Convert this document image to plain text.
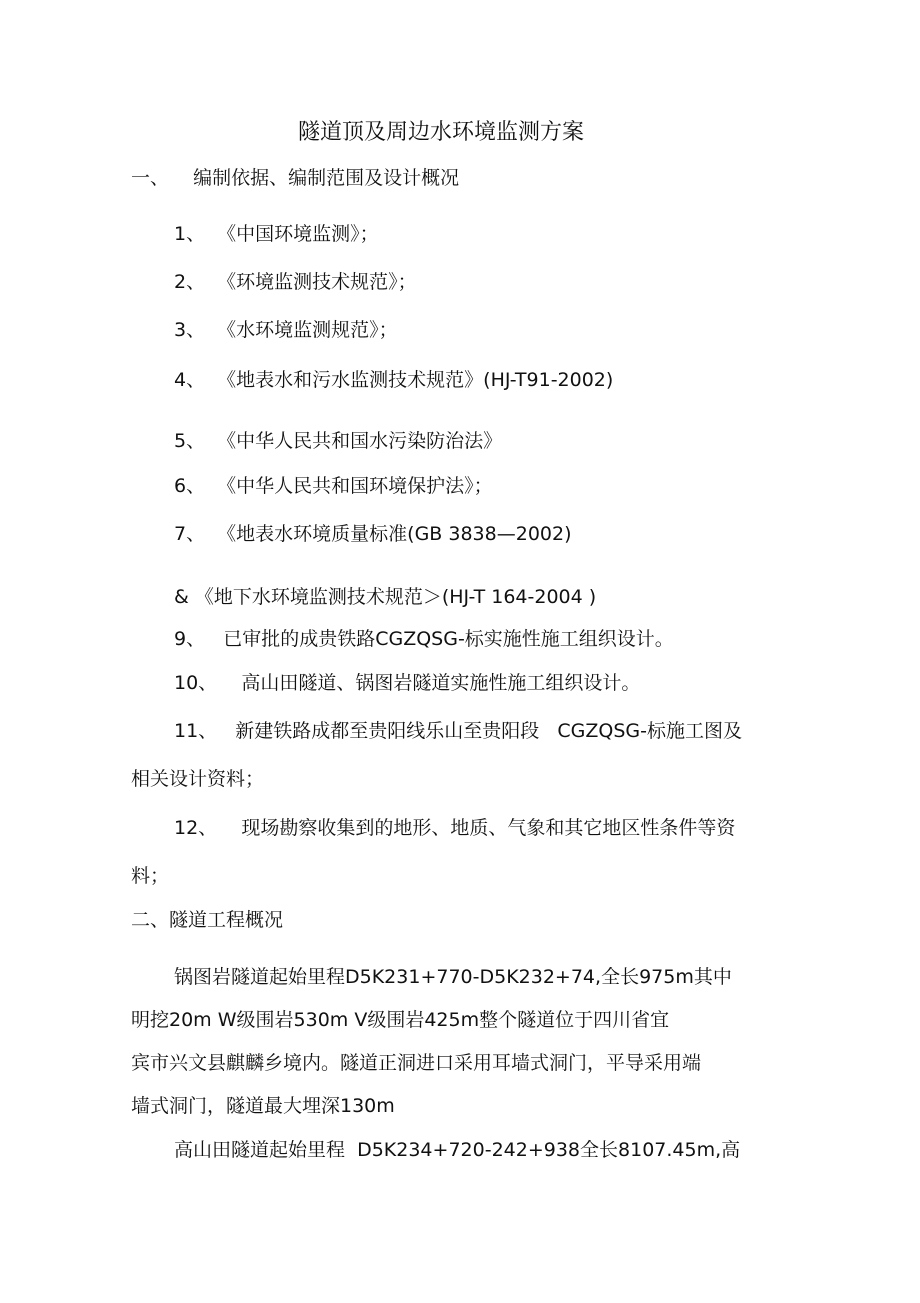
隧道顶及周边水环境监测方案
一、    编制依据、编制范围及设计概况
1、  《中国环境监测》；
2、  《环境监测技术规范》；
3、  《水环境监测规范》；
4、  《地表水和污水监测技术规范》(HJ-T91-2002)
5、  《中华人民共和国水污染防治法》
6、  《中华人民共和国环境保护法》；
7、  《地表水环境质量标准(GB 3838—2002)
& 《地下水环境监测技术规范＞(HJ-T 164-2004 )
9、   已审批的成贵铁路CGZQSG-标实施性施工组织设计。
10、    高山田隧道、锅图岩隧道实施性施工组织设计。
11、   新建铁路成都至贵阳线乐山至贵阳段   CGZQSG-标施工图及
相关设计资料；
12、    现场勘察收集到的地形、地质、气象和其它地区性条件等资
料；
二、隧道工程概况
锅图岩隧道起始里程D5K231+770-D5K232+74,全长975m其中
明挖20m W级围岩530m V级围岩425m整个隧道位于四川省宜
宾市兴文县麒麟乡境内。隧道正洞进口采用耳墙式洞门，平导采用端
墙式洞门，隧道最大埋深130m
高山田隧道起始里程  D5K234+720-242+938全长8107.45m,高
